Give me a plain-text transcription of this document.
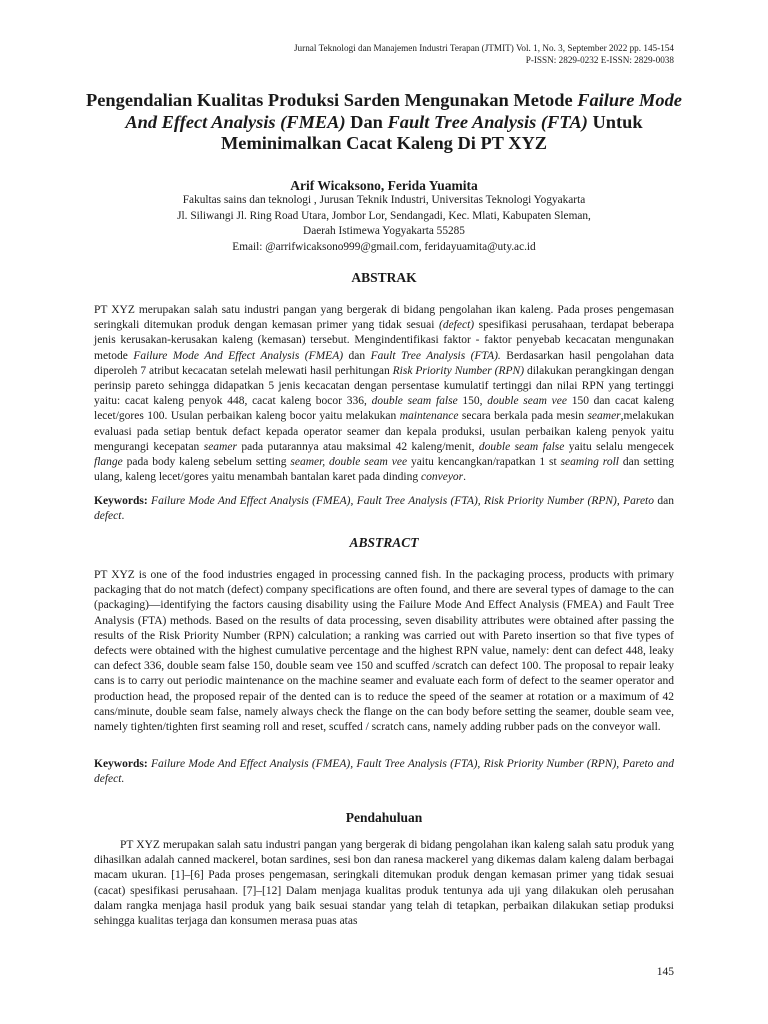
Jurnal Teknologi dan Manajemen Industri Terapan (JTMIT) Vol. 1, No. 3, September 2022 pp. 145-154
P-ISSN: 2829-0232 E-ISSN: 2829-0038
Pengendalian Kualitas Produksi Sarden Mengunakan Metode Failure Mode And Effect Analysis (FMEA) Dan Fault Tree Analysis (FTA) Untuk Meminimalkan Cacat Kaleng Di PT XYZ
Arif Wicaksono, Ferida Yuamita
Fakultas sains dan teknologi , Jurusan Teknik Industri, Universitas Teknologi Yogyakarta
Jl. Siliwangi Jl. Ring Road Utara, Jombor Lor, Sendangadi, Kec. Mlati, Kabupaten Sleman,
Daerah Istimewa Yogyakarta 55285
Email: @arrifwicaksono999@gmail.com, feridayuamita@uty.ac.id
ABSTRAK
PT XYZ merupakan salah satu industri pangan yang bergerak di bidang pengolahan ikan kaleng. Pada proses pengemasan seringkali ditemukan produk dengan kemasan primer yang tidak sesuai (defect) spesifikasi perusahaan, terdapat beberapa jenis kerusakan-kerusakan kaleng (kemasan) tersebut. Mengindentifikasi faktor - faktor penyebab kecacatan mengunakan metode Failure Mode And Effect Analysis (FMEA) dan Fault Tree Analysis (FTA). Berdasarkan hasil pengolahan data diperoleh 7 atribut kecacatan setelah melewati hasil perhitungan Risk Priority Number (RPN) dilakukan perangkingan dengan perinsip pareto sehingga didapatkan 5 jenis kecacatan dengan persentase kumulatif tertinggi dan nilai RPN yang tertinggi yaitu: cacat kaleng penyok 448, cacat kaleng bocor 336, double seam false 150, double seam vee 150 dan cacat kaleng lecet/gores 100. Usulan perbaikan kaleng bocor yaitu melakukan maintenance secara berkala pada mesin seamer,melakukan evaluasi pada setiap bentuk defact kepada operator seamer dan kepala produksi, usulan perbaikan kaleng penyok yaitu mengurangi kecepatan seamer pada putarannya atau maksimal 42 kaleng/menit, double seam false yaitu selalu mengecek flange pada body kaleng sebelum setting seamer, double seam vee yaitu kencangkan/rapatkan 1 st seaming roll dan setting ulang, kaleng lecet/gores yaitu menambah bantalan karet pada dinding conveyor.
Keywords: Failure Mode And Effect Analysis (FMEA), Fault Tree Analysis (FTA), Risk Priority Number (RPN), Pareto dan defect.
ABSTRACT
PT XYZ is one of the food industries engaged in processing canned fish. In the packaging process, products with primary packaging that do not match (defect) company specifications are often found, and there are several types of damage to the can (packaging)—identifying the factors causing disability using the Failure Mode And Effect Analysis (FMEA) and Fault Tree Analysis (FTA) methods. Based on the results of data processing, seven disability attributes were obtained after passing the results of the Risk Priority Number (RPN) calculation; a ranking was carried out with Pareto insertion so that five types of defects were obtained with the highest cumulative percentage and the highest RPN value, namely: dent can defect 448, leaky can defect 336, double seam false 150, double seam vee 150 and scuffed /scratch can defect 100. The proposal to repair leaky cans is to carry out periodic maintenance on the machine seamer and evaluate each form of defect to the seamer operator and production head, the proposed repair of the dented can is to reduce the speed of the seamer at rotation or a maximum of 42 cans/minute, double seam false, namely always check the flange on the can body before setting the seamer, double seam vee, namely tighten/tighten first seaming roll and reset, scuffed / scratch cans, namely adding rubber pads on the conveyor wall.
Keywords: Failure Mode And Effect Analysis (FMEA), Fault Tree Analysis (FTA), Risk Priority Number (RPN), Pareto and defect.
Pendahuluan
PT XYZ merupakan salah satu industri pangan yang bergerak di bidang pengolahan ikan kaleng salah satu produk yang dihasilkan adalah canned mackerel, botan sardines, sesi bon dan ranesa mackerel yang dikemas dalam kaleng dalam berbagai macam ukuran. [1]–[6] Pada proses pengemasan, seringkali ditemukan produk dengan kemasan primer yang tidak sesuai (cacat) spesifikasi perusahaan. [7]–[12] Dalam menjaga kualitas produk tentunya ada uji yang dilakukan oleh perusahan dalam rangka menjaga hasil produk yang baik sesuai standar yang telah di tetapkan, perbaikan dilakukan setiap produksi sehingga kualitas terjaga dan konsumen merasa puas atas
145
